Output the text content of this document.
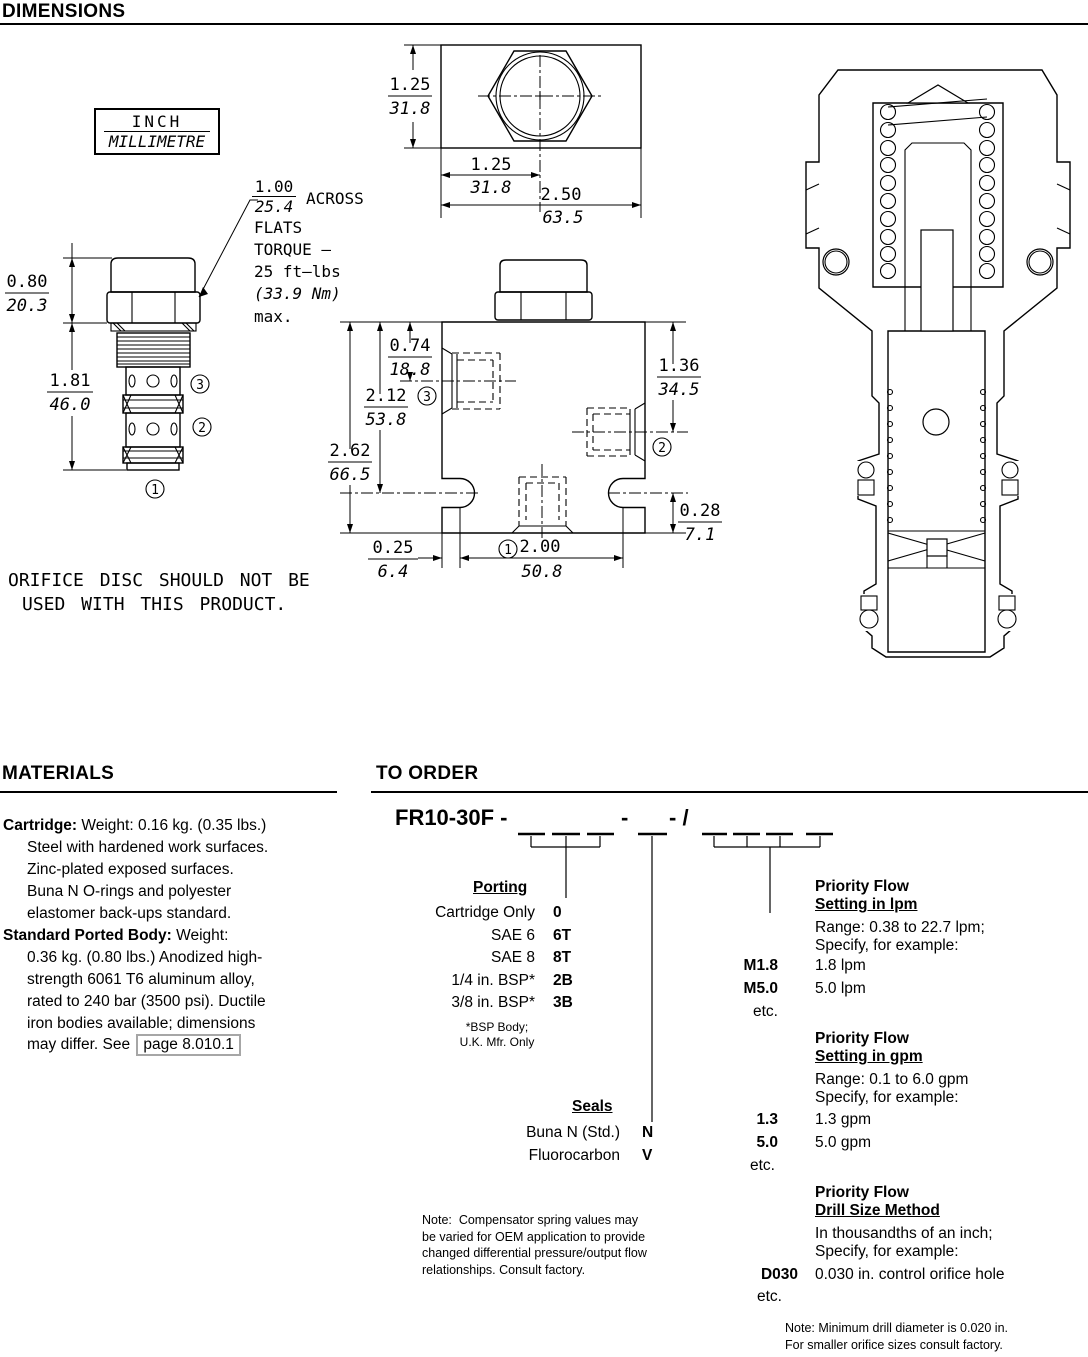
1.25
31.8
1.25
31.8 2.50
63.5
3
2
1
0.80
20.3
1.81
46.0	3
2
1
0.74
18.8
2.12
53.8
2.62
66.5
1.36
34.5
0.28
7.1
0.25
6.4
2.00
50.8
DIMENSIONS
INCH
MILLIMETRE
1.00
25.4 ACROSS
FLATS
TORQUE –
25 ft–lbs
(33.9 Nm)
max.
ORIFICE DISC SHOULD NOT BE
USED WITH THIS PRODUCT.
MATERIALS
Cartridge: Weight: 0.16 kg. (0.35 lbs.)
Steel with hardened work surfaces.
Zinc-plated exposed surfaces.
Buna N O-rings and polyester
elastomer back-ups standard.
Standard Ported Body: Weight:
0.36 kg. (0.80 lbs.) Anodized high-
strength 6061 T6 aluminum alloy,
rated to 240 bar (3500 psi). Ductile
iron bodies available; dimensions
may differ. See page 8.010.1
TO ORDER
FR10-30F -	- - /
Porting
Cartridge Only 0
SAE 6 6T
SAE 8 8T
1/4 in. BSP* 2B
3/8 in. BSP* 3B
*BSP Body;
U.K. Mfr. Only
Seals
Buna N (Std.) N
Fluorocarbon V
Note:  Compensator spring values may
be varied for OEM application to provide
changed differential pressure/output flow
relationships. Consult factory.
Priority Flow
Setting in lpm
Range: 0.38 to 22.7 lpm;
Specify, for example:
M1.8 1.8 lpm
M5.0 5.0 lpm
etc.
Priority Flow
Setting in gpm
Range: 0.1 to 6.0 gpm
Specify, for example:
1.3 1.3 gpm
5.0 5.0 gpm
etc.
Priority Flow
Drill Size Method
In thousandths of an inch;
Specify, for example:
D030 0.030 in. control orifice hole
etc.
Note: Minimum drill diameter is 0.020 in.
For smaller orifice sizes consult factory.
